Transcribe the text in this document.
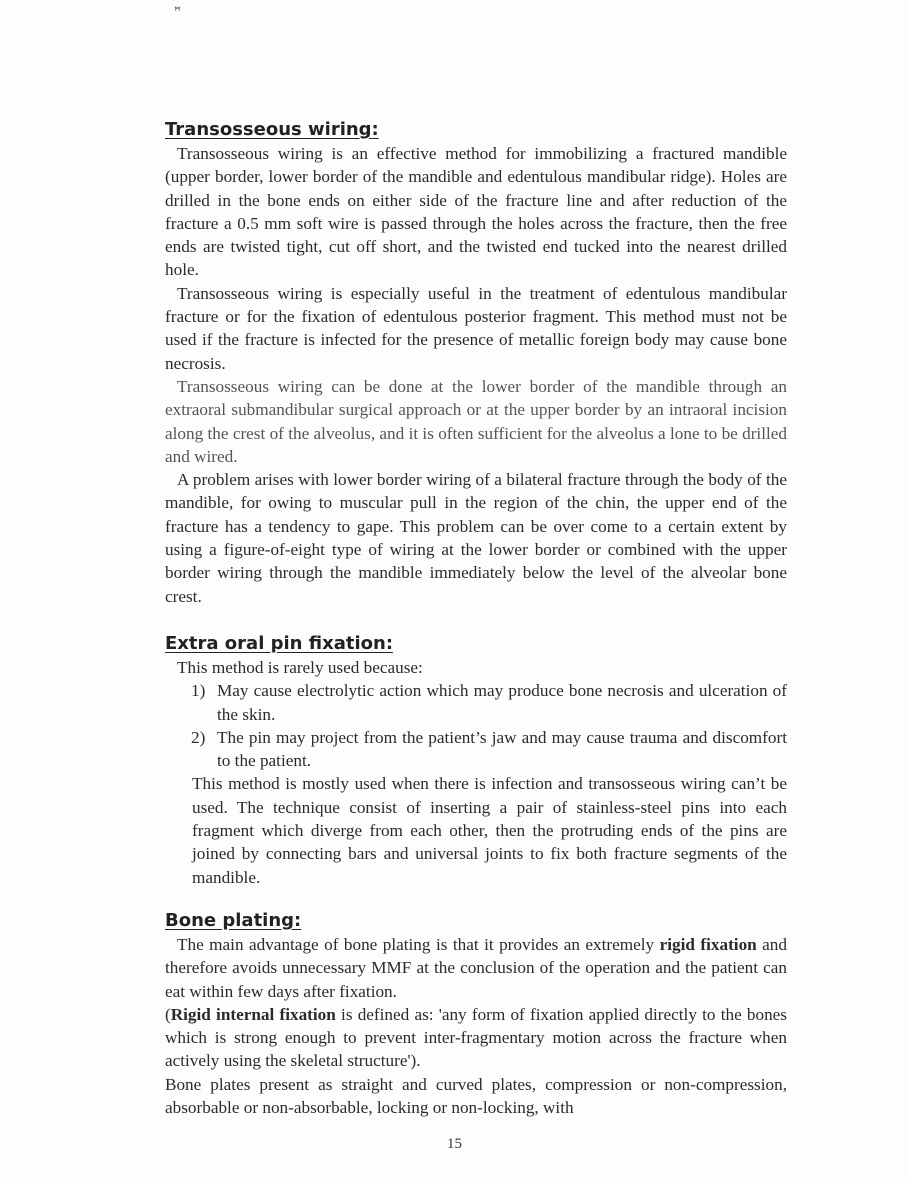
ꟸ
Transosseous wiring:

Transosseous wiring is an effective method for immobilizing a fractured mandible (upper border, lower border of the mandible and edentulous mandibular ridge). Holes are drilled in the bone ends on either side of the fracture line and after reduction of the fracture a 0.5 mm soft wire is passed through the holes across the fracture, then the free ends are twisted tight, cut off short, and the twisted end tucked into the nearest drilled hole.

Transosseous wiring is especially useful in the treatment of edentulous mandibular fracture or for the fixation of edentulous posterior fragment. This method must not be used if the fracture is infected for the presence of metallic foreign body may cause bone necrosis.

Transosseous wiring can be done at the lower border of the mandible through an extraoral submandibular surgical approach or at the upper border by an intraoral incision along the crest of the alveolus, and it is often sufficient for the alveolus a lone to be drilled and wired.

A problem arises with lower border wiring of a bilateral fracture through the body of the mandible, for owing to muscular pull in the region of the chin, the upper end of the fracture has a tendency to gape. This problem can be over come to a certain extent by using a figure-of-eight type of wiring at the lower border or combined with the upper border wiring through the mandible immediately below the level of the alveolar bone crest.

Extra oral pin fixation:

This method is rarely used because:

1) May cause electrolytic action which may produce bone necrosis and ulceration of the skin.
2) The pin may project from the patient’s jaw and may cause trauma and discomfort to the patient.

This method is mostly used when there is infection and transosseous wiring can’t be used. The technique consist of inserting a pair of stainless-steel pins into each fragment which diverge from each other, then the protruding ends of the pins are joined by connecting bars and universal joints to fix both fracture segments of the mandible.

Bone plating:

The main advantage of bone plating is that it provides an extremely rigid fixation and therefore avoids unnecessary MMF at the conclusion of the operation and the patient can eat within few days after fixation.

(Rigid internal fixation is defined as: 'any form of fixation applied directly to the bones which is strong enough to prevent inter-fragmentary motion across the fracture when actively using the skeletal structure').

Bone plates present as straight and curved plates, compression or non-compression, absorbable or non-absorbable, locking or non-locking, with

15
